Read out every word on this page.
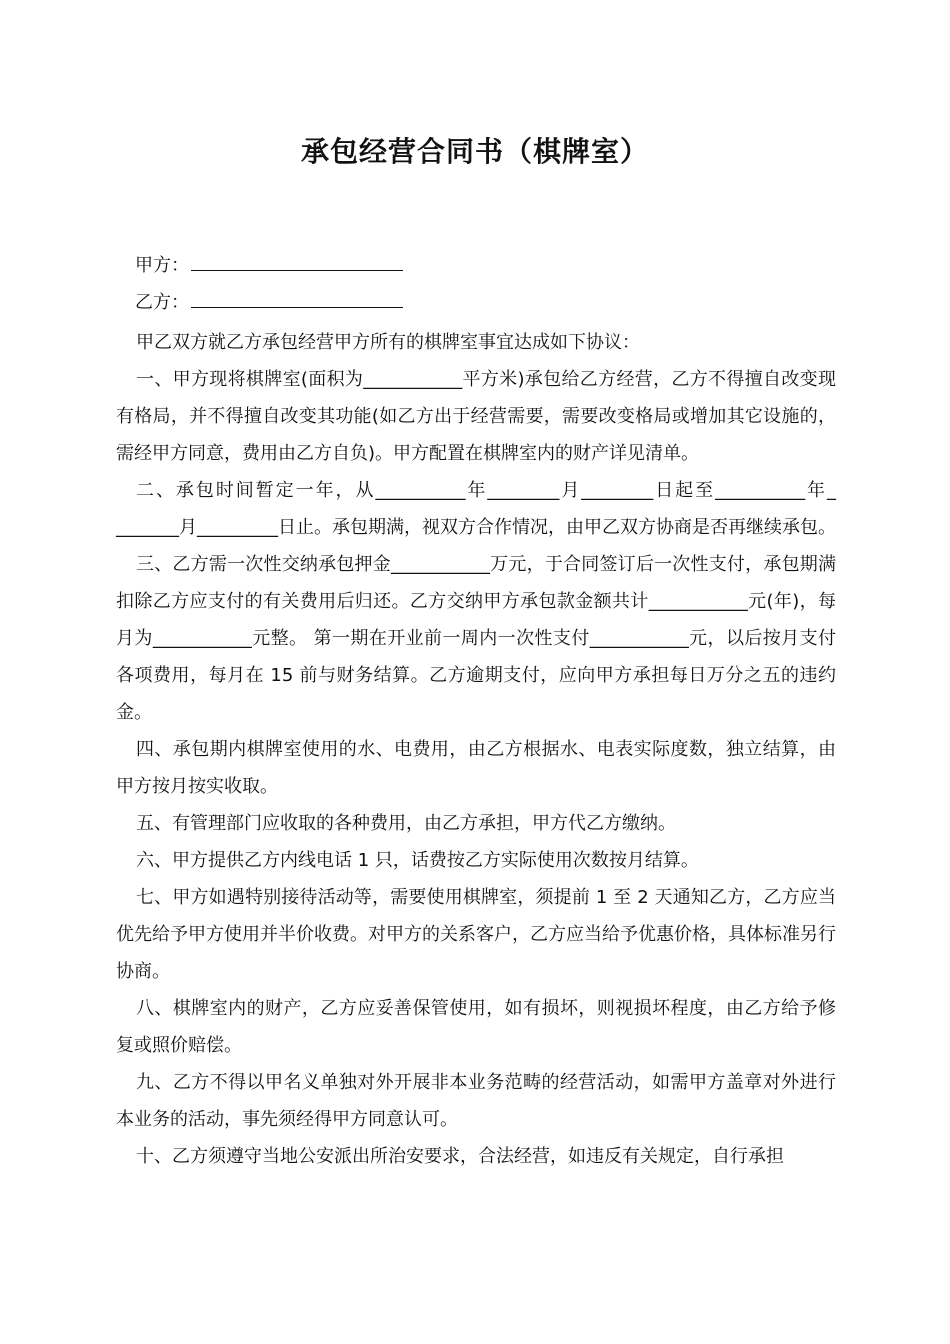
承包经营合同书（棋牌室）
甲方：
乙方：

甲乙双方就乙方承包经营甲方所有的棋牌室事宜达成如下协议：

一、甲方现将棋牌室(面积为___________平方米)承包给乙方经营，乙方不得擅自改变现有格局，并不得擅自改变其功能(如乙方出于经营需要，需要改变格局或增加其它设施的，需经甲方同意，费用由乙方自负)。甲方配置在棋牌室内的财产详见清单。

二、承包时间暂定一年，从__________年________月________日起至__________年_ _______月_________日止。承包期满，视双方合作情况，由甲乙双方协商是否再继续承包。

三、乙方需一次性交纳承包押金___________万元，于合同签订后一次性支付，承包期满扣除乙方应支付的有关费用后归还。乙方交纳甲方承包款金额共计___________元(年)，每月为___________元整。 第一期在开业前一周内一次性支付___________元，以后按月支付各项费用，每月在 15 前与财务结算。乙方逾期支付，应向甲方承担每日万分之五的违约金。

四、承包期内棋牌室使用的水、电费用，由乙方根据水、电表实际度数，独立结算，由甲方按月按实收取。

五、有管理部门应收取的各种费用，由乙方承担，甲方代乙方缴纳。

六、甲方提供乙方内线电话 1 只，话费按乙方实际使用次数按月结算。

七、甲方如遇特别接待活动等，需要使用棋牌室，须提前 1 至 2 天通知乙方，乙方应当优先给予甲方使用并半价收费。对甲方的关系客户，乙方应当给予优惠价格，具体标准另行协商。

八、棋牌室内的财产，乙方应妥善保管使用，如有损坏，则视损坏程度，由乙方给予修复或照价赔偿。

九、乙方不得以甲名义单独对外开展非本业务范畴的经营活动，如需甲方盖章对外进行本业务的活动，事先须经得甲方同意认可。

十、乙方须遵守当地公安派出所治安要求，合法经营，如违反有关规定，自行承担
